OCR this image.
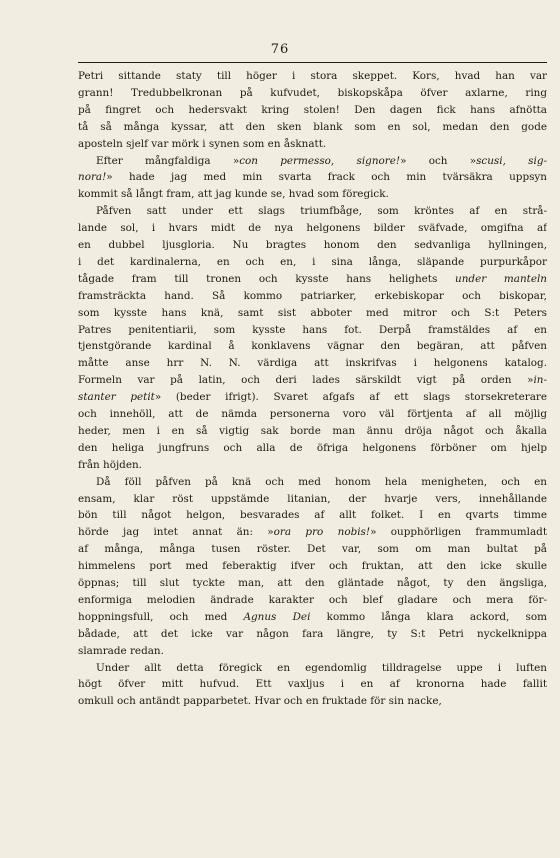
76
Petri sittande staty till höger i stora skeppet. Kors, hvad han var
grann! Tredubbelkronan på kufvudet, biskopskåpa öfver axlarne, ring
på fingret och hedersvakt kring stolen! Den dagen fick hans afnötta
tå så många kyssar, att den sken blank som en sol, medan den gode
aposteln sjelf var mörk i synen som en åsknatt.
Efter mångfaldiga »con permesso, signore!» och »scusi, sig-
nora!» hade jag med min svarta frack och min tvärsäkra uppsyn
kommit så långt fram, att jag kunde se, hvad som föregick.
Påfven satt under ett slags triumfbåge, som kröntes af en strå-
lande sol, i hvars midt de nya helgonens bilder sväfvade, omgifna af
en dubbel ljusgloria. Nu bragtes honom den sedvanliga hyllningen,
i det kardinalerna, en och en, i sina långa, släpande purpurkåpor
tågade fram till tronen och kysste hans helighets under manteln
framsträckta hand. Så kommo patriarker, erkebiskopar och biskopar,
som kysste hans knä, samt sist abboter med mitror och S:t Peters
Patres penitentiarii, som kysste hans fot. Derpå framstäldes af en
tjenstgörande kardinal å konklavens vägnar den begäran, att påfven
måtte anse hrr N. N. värdiga att inskrifvas i helgonens katalog.
Formeln var på latin, och deri lades särskildt vigt på orden »in-
stanter petit» (beder ifrigt). Svaret afgafs af ett slags storsekreterare
och innehöll, att de nämda personerna voro väl förtjenta af all möjlig
heder, men i en så vigtig sak borde man ännu dröja något och åkalla
den heliga jungfruns och alla de öfriga helgonens förböner om hjelp
från höjden.
Då föll påfven på knä och med honom hela menigheten, och en
ensam, klar röst uppstämde litanian, der hvarje vers, innehållande
bön till något helgon, besvarades af allt folket. I en qvarts timme
hörde jag intet annat än: »ora pro nobis!» oupphörligen frammumladt
af många, många tusen röster. Det var, som om man bultat på
himmelens port med feberaktig ifver och fruktan, att den icke skulle
öppnas; till slut tyckte man, att den gläntade något, ty den ängsliga,
enformiga melodien ändrade karakter och blef gladare och mera för-
hoppningsfull, och med Agnus Dei kommo långa klara ackord, som
bådade, att det icke var någon fara längre, ty S:t Petri nyckelknippa
slamrade redan.
Under allt detta föregick en egendomlig tilldragelse uppe i luften
högt öfver mitt hufvud. Ett vaxljus i en af kronorna hade fallit
omkull och antändt papparbetet. Hvar och en fruktade för sin nacke,
